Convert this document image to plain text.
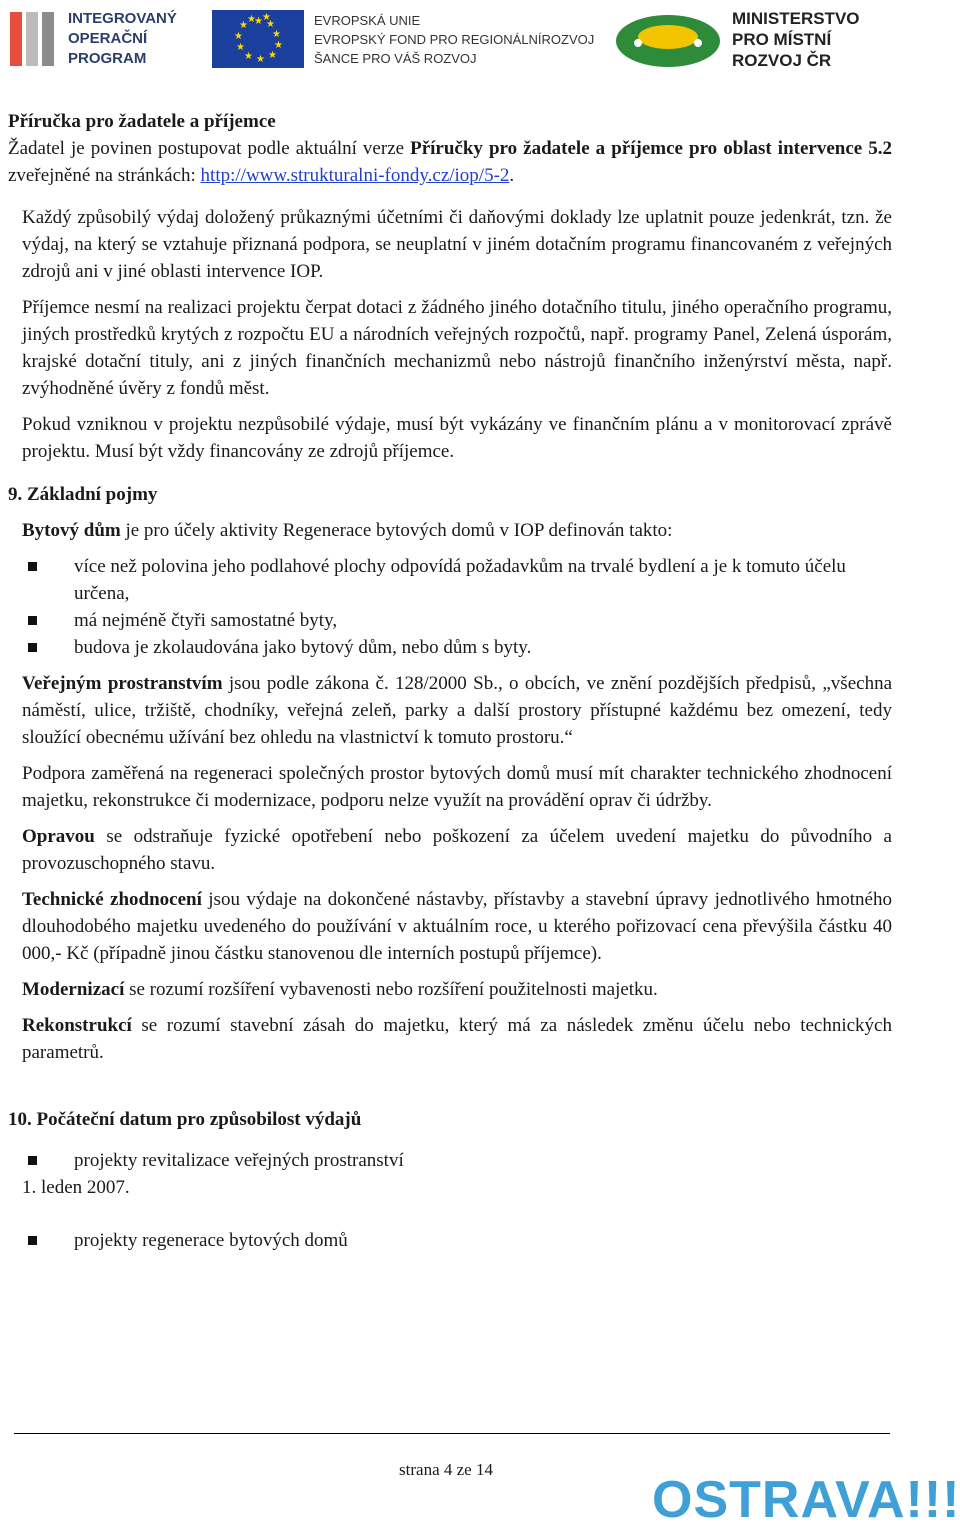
INTEGROVANÝ
OPERAČNÍ
PROGRAM
★ ★
★
★
★
★
★
★
★
★
★ ★	EVROPSKÁ UNIE
EVROPSKÝ FOND PRO REGIONÁLNÍROZVOJ
ŠANCE PRO VÁŠ ROZVOJ
MINISTERSTVO
PRO MÍSTNÍ
ROZVOJ ČR

Příručka pro žadatele a příjemce

Žadatel je povinen postupovat podle aktuální verze Příručky pro žadatele a příjemce pro oblast intervence 5.2 zveřejněné na stránkách: http://www.strukturalni-fondy.cz/iop/5-2.

Každý způsobilý výdaj doložený průkaznými účetními či daňovými doklady lze uplatnit pouze jedenkrát, tzn. že výdaj, na který se vztahuje přiznaná podpora, se neuplatní v jiném dotačním programu financovaném z veřejných zdrojů ani v jiné oblasti intervence IOP.

Příjemce nesmí na realizaci projektu čerpat dotaci z žádného jiného dotačního titulu, jiného operačního programu, jiných prostředků krytých z rozpočtu EU a národních veřejných rozpočtů, např. programy Panel, Zelená úsporám, krajské dotační tituly, ani z jiných finančních mechanizmů nebo nástrojů finančního inženýrství města, např. zvýhodněné úvěry z fondů měst.

Pokud vzniknou v projektu nezpůsobilé výdaje, musí být vykázány ve finančním plánu a v monitorovací zprávě projektu. Musí být vždy financovány ze zdrojů příjemce.

9. Základní pojmy

Bytový dům je pro účely aktivity Regenerace bytových domů v IOP definován takto:

více než polovina jeho podlahové plochy odpovídá požadavkům na trvalé bydlení a je k tomuto účelu určena,
má nejméně čtyři samostatné byty,
budova je zkolaudována jako bytový dům, nebo dům s byty.

Veřejným prostranstvím jsou podle zákona č. 128/2000 Sb., o obcích, ve znění pozdějších předpisů, „všechna náměstí, ulice, tržiště, chodníky, veřejná zeleň, parky a další prostory přístupné každému bez omezení, tedy sloužící obecnému užívání bez ohledu na vlastnictví k tomuto prostoru.“

Podpora zaměřená na regeneraci společných prostor bytových domů musí mít charakter technického zhodnocení majetku, rekonstrukce či modernizace, podporu nelze využít na provádění oprav či údržby.

Opravou se odstraňuje fyzické opotřebení nebo poškození za účelem uvedení majetku do původního a provozuschopného stavu.

Technické zhodnocení jsou výdaje na dokončené nástavby, přístavby a stavební úpravy jednotlivého hmotného dlouhodobého majetku uvedeného do používání v aktuálním roce, u kterého pořizovací cena převýšila částku 40 000,- Kč (případně jinou částku stanovenou dle interních postupů příjemce).

Modernizací se rozumí rozšíření vybavenosti nebo rozšíření použitelnosti majetku.

Rekonstrukcí se rozumí stavební zásah do majetku, který má za následek změnu účelu nebo technických parametrů.

10. Počáteční datum pro způsobilost výdajů

projekty revitalizace veřejných prostranství

1. leden 2007.

projekty regenerace bytových domů
strana 4 ze 14
OSTRAVA!!!
